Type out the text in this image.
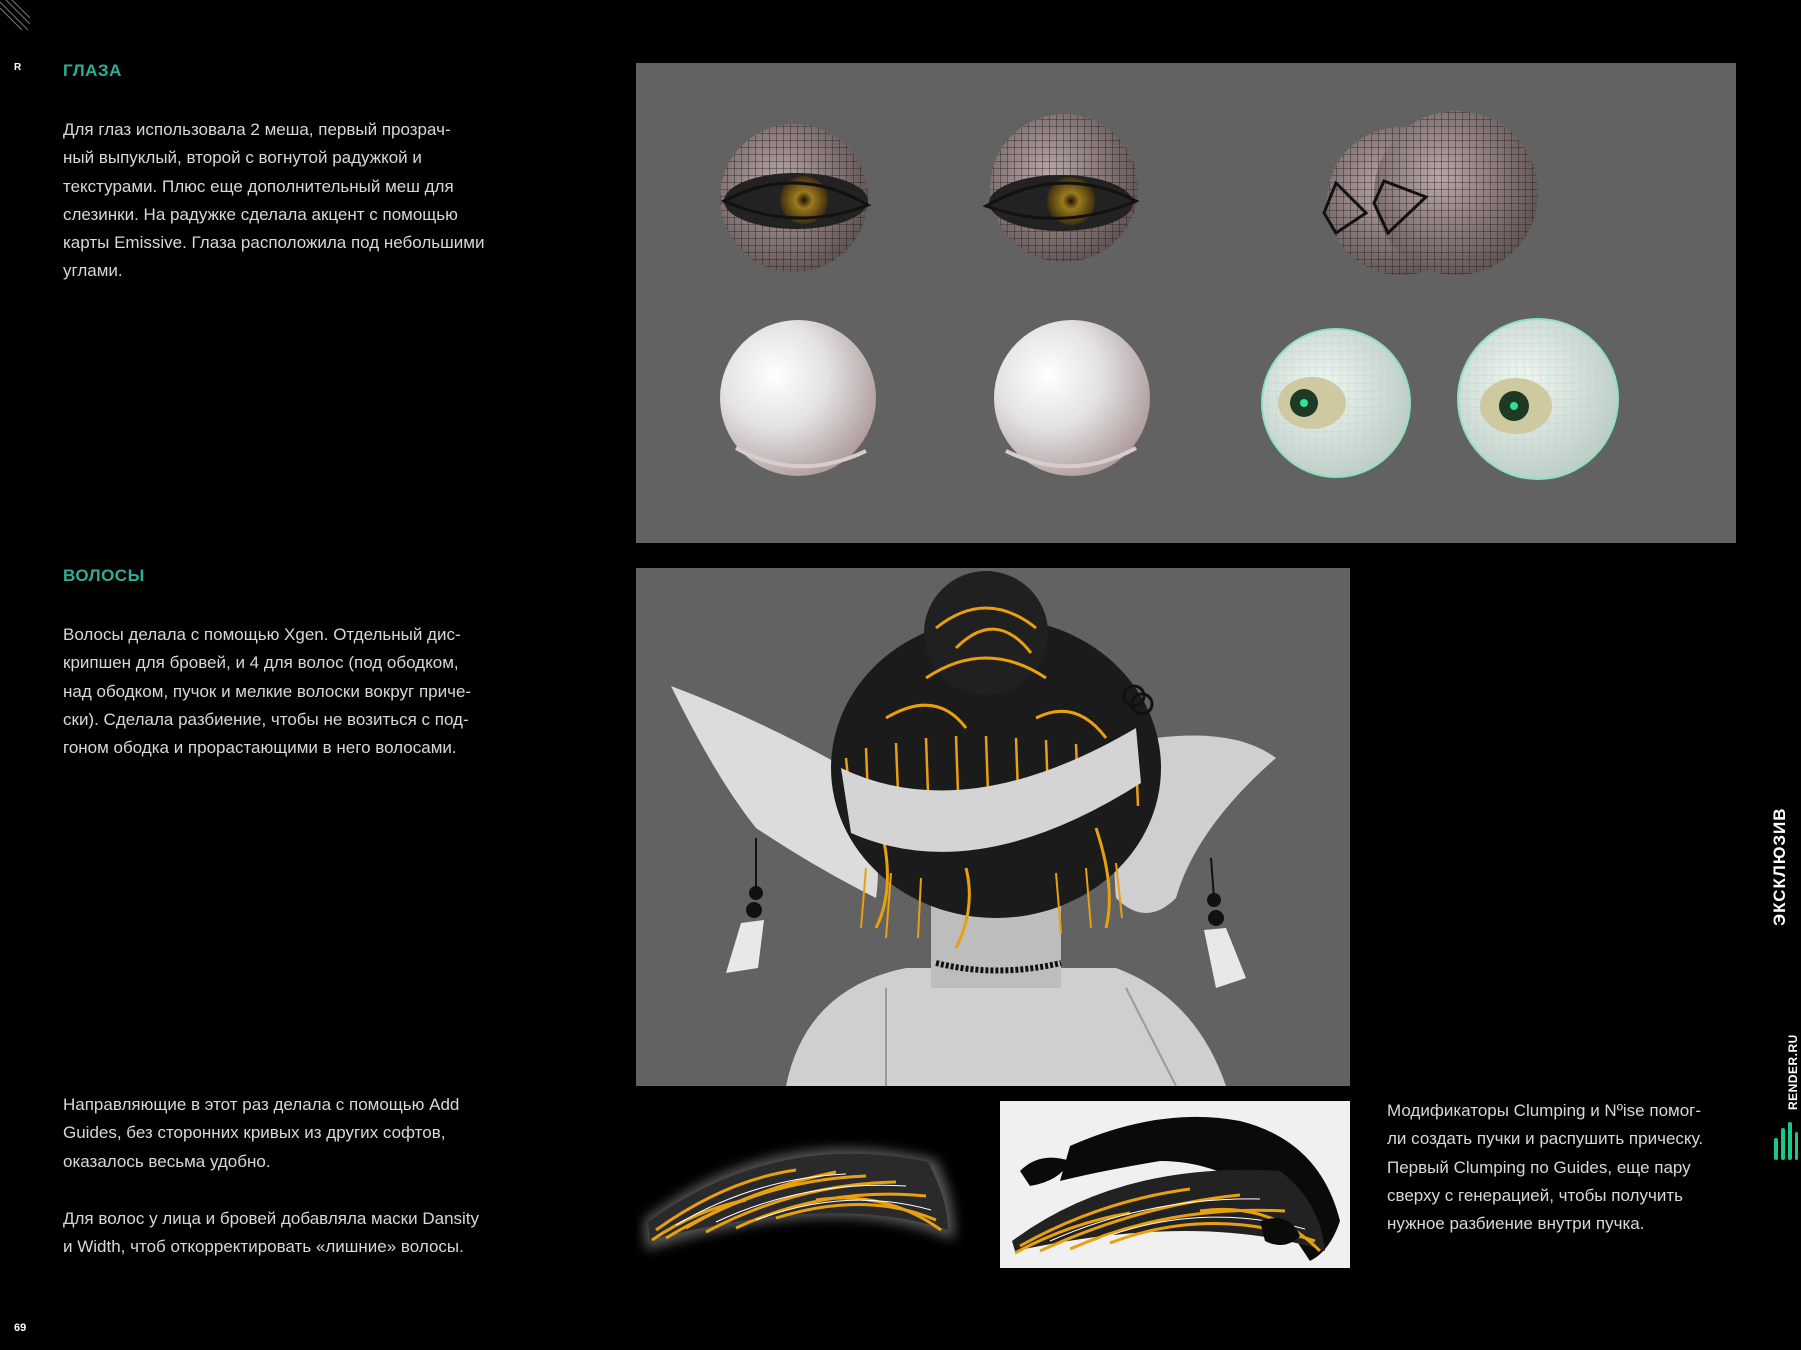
R
69
ГЛАЗА

Для глаз использовала 2 меша, первый прозрач-
ный выпуклый, второй с вогнутой радужкой и
текстурами. Плюс еще дополнительный меш для
слезинки. На радужке сделала акцент с помощью
карты Emissive. Глаза расположила под небольшими
углами.

ВОЛОСЫ

Волосы делала с помощью Xgen. Отдельный дис-
крипшен для бровей, и 4 для волос (под ободком,
над ободком, пучок и мелкие волоски вокруг приче-
ски). Сделала разбиение, чтобы не возиться с под-
гоном ободка и прорастающими в него волосами.

Направляющие в этот раз делала с помощью Add
Guides, без сторонних кривых из других софтов,
оказалось весьма удобно.

Для волос у лица и бровей добавляла маски Dansity
и Width, чтоб откорректировать «лишние» волосы.

Модификаторы Clumping и Nºise помог-
ли создать пучки и распушить прическу.
Первый Clumping по Guides, еще пару
сверху с генерацией, чтобы получить
нужное разбиение внутри пучка.

ЭКСКЛЮЗИВ
RENDER.RU
